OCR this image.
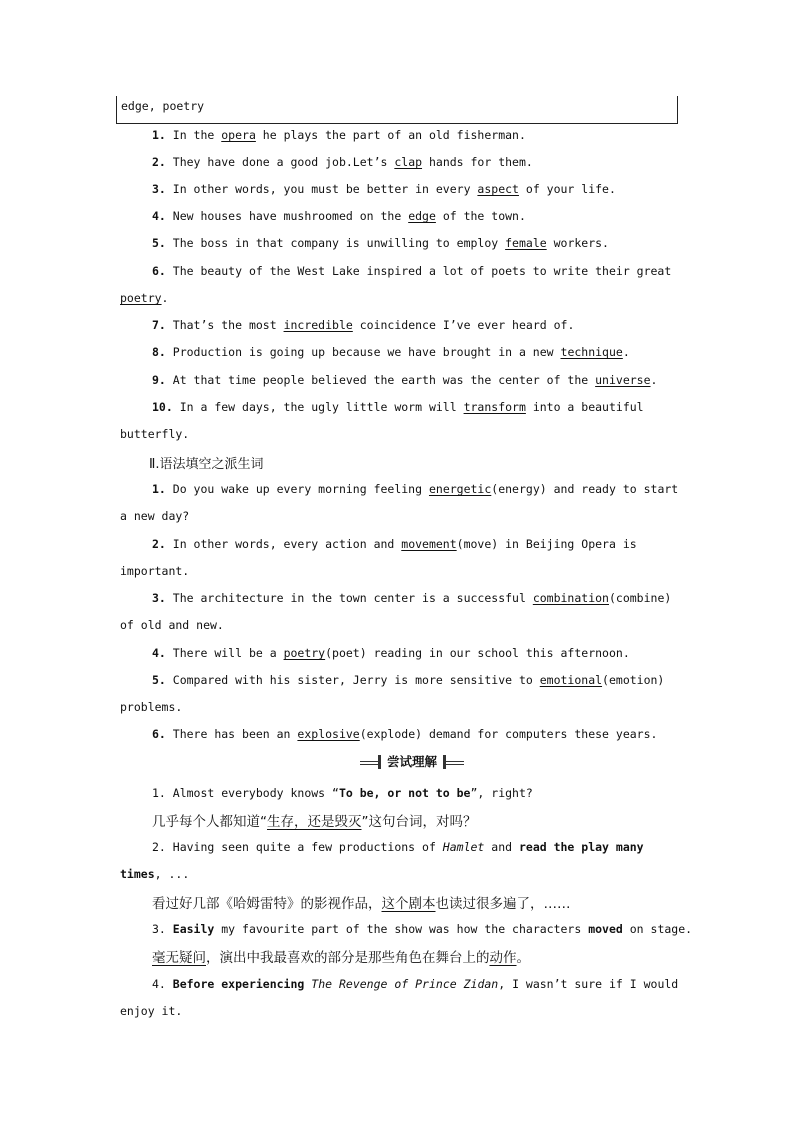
edge, poetry
1. In the opera he plays the part of an old fisherman.
2. They have done a good job.Let’s clap hands for them.
3. In other words, you must be better in every aspect of your life.
4. New houses have mushroomed on the edge of the town.
5. The boss in that company is unwilling to employ female workers.
6. The beauty of the West Lake inspired a lot of poets to write their great
poetry.
7. That’s the most incredible coincidence I’ve ever heard of.
8. Production is going up because we have brought in a new technique.
9. At that time people believed the earth was the center of the universe.
10. In a few days, the ugly little worm will transform into a beautiful
butterfly.
Ⅱ.语法填空之派生词
1. Do you wake up every morning feeling energetic(energy) and ready to start
a new day?
2. In other words, every action and movement(move) in Beijing Opera is
important.
3. The architecture in the town center is a successful combination(combine)
of old and new.
4. There will be a poetry(poet) reading in our school this afternoon.
5. Compared with his sister, Jerry is more sensitive to emotional(emotion)
problems.
6. There has been an explosive(explode) demand for computers these years.
尝试理解
1. Almost everybody knows “To be, or not to be”, right?
几乎每个人都知道“生存，还是毁灭”这句台词，对吗？
2. Having seen quite a few productions of Hamlet and read the play many
times, ...
看过好几部《哈姆雷特》的影视作品，这个剧本也读过很多遍了，……
3. Easily my favourite part of the show was how the characters moved on stage.
毫无疑问，演出中我最喜欢的部分是那些角色在舞台上的动作。
4. Before experiencing The Revenge of Prince Zidan, I wasn’t sure if I would
enjoy it.
